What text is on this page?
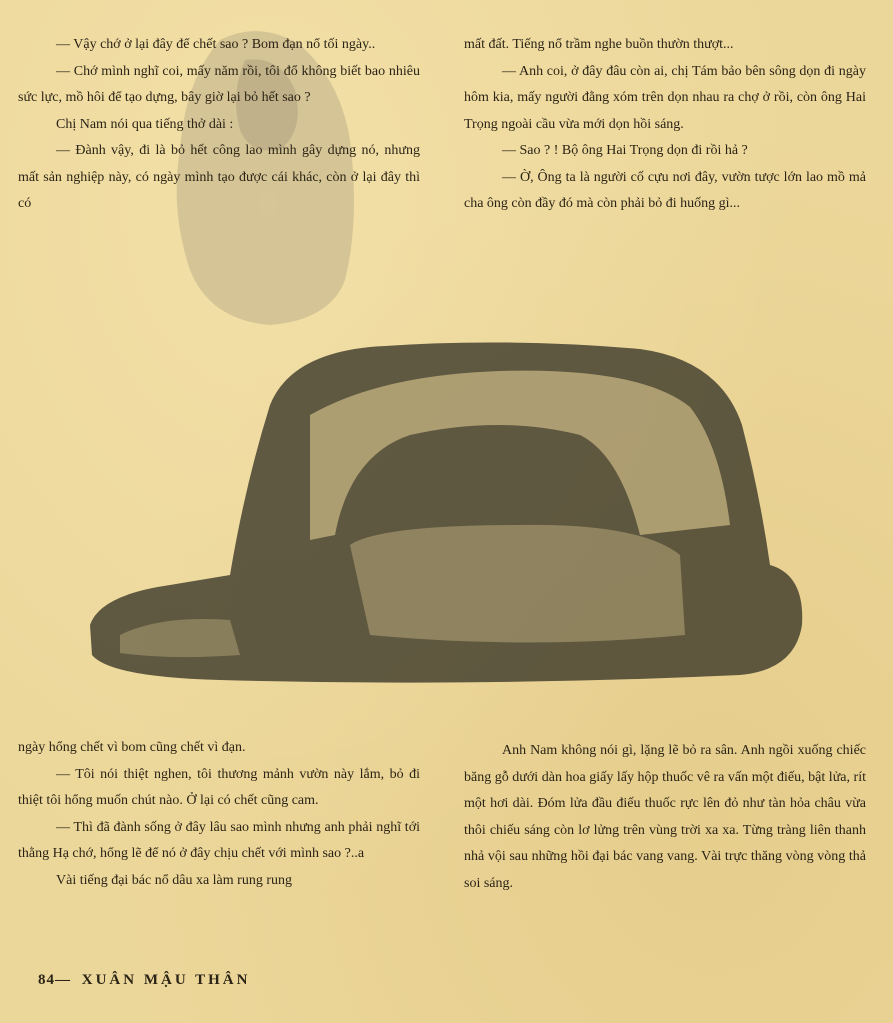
— Vậy chớ ở lại đây để chết sao ? Bom đạn nổ tối ngày..

— Chớ mình nghĩ coi, mấy năm rồi, tôi đổ không biết bao nhiêu sức lực, mồ hôi để tạo dựng, bây giờ lại bỏ hết sao ?

Chị Nam nói qua tiếng thở dài :

— Đành vậy, đi là bỏ hết công lao mình gây dựng nó, nhưng mất sản nghiệp này, có ngày mình tạo được cái khác, còn ở lại đây thì có

mất đất. Tiếng nổ trầm nghe buồn thườn thượt...

— Anh coi, ở đây đâu còn ai, chị Tám bảo bên sông dọn đi ngày hôm kia, mấy người đằng xóm trên dọn nhau ra chợ ở rồi, còn ông Hai Trọng ngoài cầu vừa mới dọn hồi sáng.

— Sao ? ! Bộ ông Hai Trọng dọn đi rồi hả ?

— Ờ, Ông ta là người cố cựu nơi đây, vườn tược lớn lao mồ mả cha ông còn đầy đó mà còn phải bỏ đi huống gì...

ngày hổng chết vì bom cũng chết vì đạn.

— Tôi nói thiệt nghen, tôi thương mảnh vườn này lắm, bỏ đi thiệt tôi hổng muốn chút nào. Ở lại có chết cũng cam.

— Thì đã đành sống ở đây lâu sao mình nhưng anh phải nghĩ tới thằng Hạ chớ, hổng lẽ để nó ở đây chịu chết với mình sao ?..a

Vài tiếng đại bác nổ dâu xa làm rung rung

Anh Nam không nói gì, lặng lẽ bỏ ra sân. Anh ngồi xuống chiếc băng gỗ dưới dàn hoa giấy lấy hộp thuốc vê ra vấn một điếu, bật lửa, rít một hơi dài. Đóm lửa đầu điếu thuốc rực lên đỏ như tàn hỏa châu vừa thôi chiếu sáng còn lơ lửng trên vùng trời xa xa. Từng tràng liên thanh nhả vội sau những hồi đại bác vang vang. Vài trực thăng vòng vòng thả soi sáng.

84— XUÂN MẬU THÂN
